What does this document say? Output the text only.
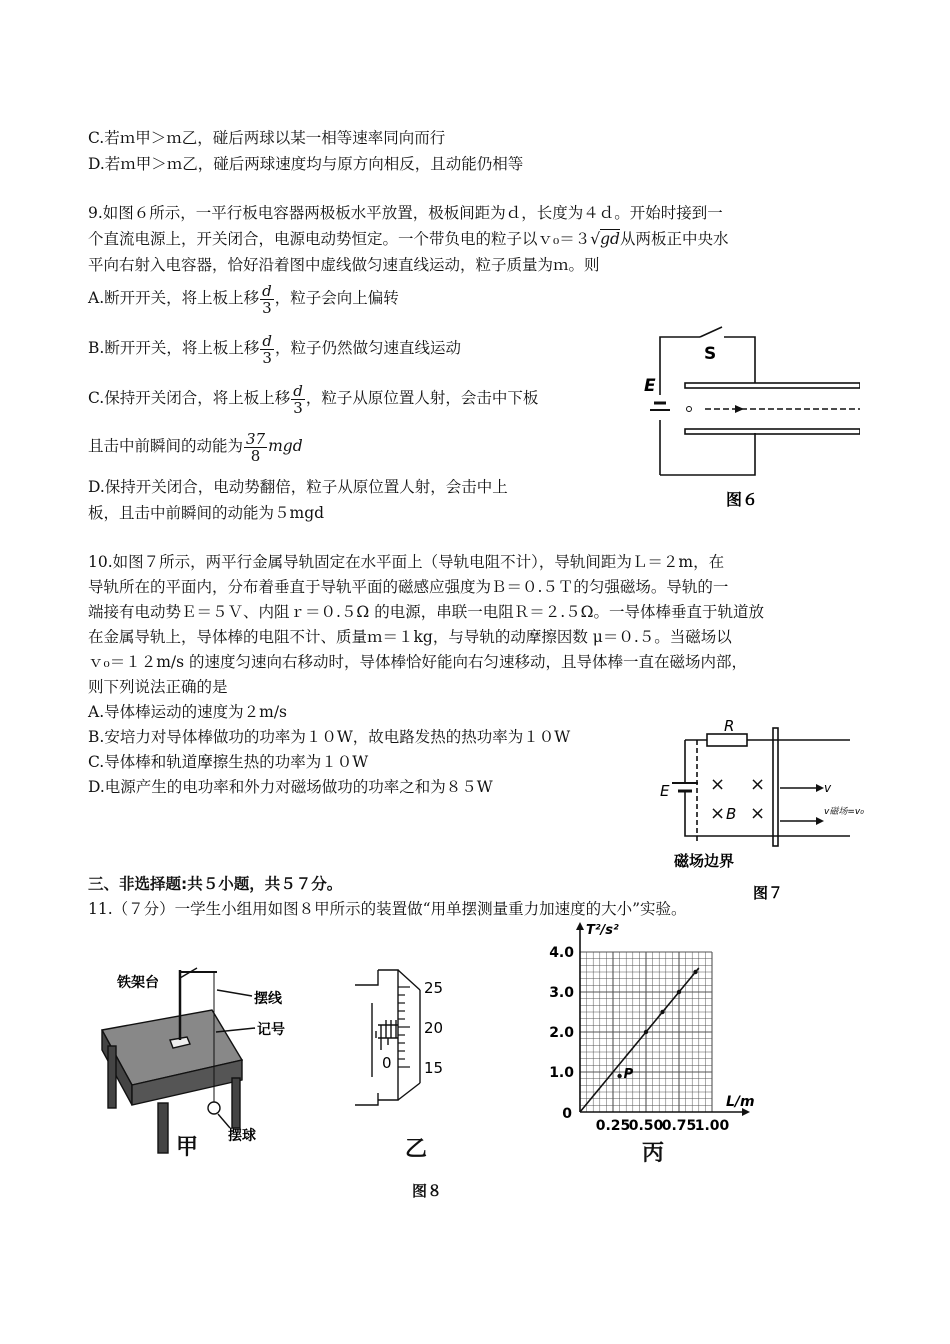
C.若ｍ甲＞ｍ乙，碰后两球以某一相等速率同向而行
D.若ｍ甲＞ｍ乙，碰后两球速度均与原方向相反，且动能仍相等
9.如图６所示，一平行板电容器两极板水平放置，极板间距为ｄ，长度为４ｄ。开始时接到一
个直流电源上，开关闭合，电源电动势恒定。一个带负电的粒子以ｖ₀＝３√gd从两板正中央水
平向右射入电容器，恰好沿着图中虚线做匀速直线运动，粒子质量为ｍ。则
A.断开开关，将上板上移 $\frac{d}{3}$ ，粒子会向上偏转
B.断开开关，将上板上移 $\frac{d}{3}$ ，粒子仍然做匀速直线运动
C.保持开关闭合，将上板上移 $\frac{d}{3}$ ，粒子从原位置人射，会击中下板
且击中前瞬间的动能为 $\frac{37}{8}$ mgd
D.保持开关闭合，电动势翻倍，粒子从原位置人射，会击中上
板，且击中前瞬间的动能为５mgd
S
E
图６
10.如图７所示，两平行金属导轨固定在水平面上（导轨电阻不计），导轨间距为Ｌ＝２m，在
导轨所在的平面内，分布着垂直于导轨平面的磁感应强度为Ｂ＝０.５Ｔ的匀强磁场。导轨的一
端接有电动势Ｅ＝５Ｖ、内阻ｒ＝０.５Ω 的电源，串联一电阻Ｒ＝２.５Ω。一导体棒垂直于轨道放
在金属导轨上，导体棒的电阻不计、质量ｍ＝１kg，与导轨的动摩擦因数 μ＝０.５。当磁场以
ｖ₀＝１２m/s 的速度匀速向右移动时，导体棒恰好能向右匀速移动，且导体棒一直在磁场内部，
则下列说法正确的是
A.导体棒运动的速度为２m/s
B.安培力对导体棒做功的功率为１０W，故电路发热的热功率为１０W
C.导体棒和轨道摩擦生热的功率为１０W
D.电源产生的电功率和外力对磁场做功的功率之和为８５W	× ×
× ×
R
E
B
v
v磁场=v₀
磁场边界
图７
三、非选择题:共５小题，共５７分。
11.（７分）一学生小组用如图８甲所示的装置做“用单摆测量重力加速度的大小”实验。
铁架台
摆线
记号
摆球
甲
25
20
15
0
乙
P
1.0
2.0
3.0
4.0
0.25
0.50
0.75
1.00
0
L/m
T²/s²
丙
图８
